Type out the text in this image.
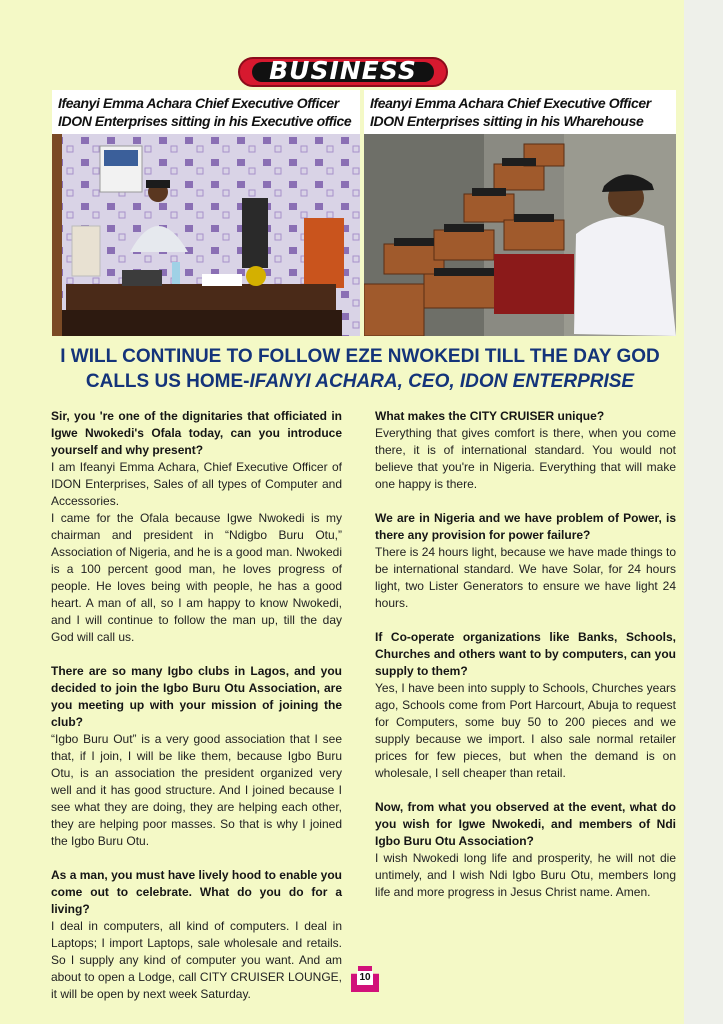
BUSINESS
Ifeanyi Emma Achara Chief Executive Officer
IDON Enterprises sitting in his Executive office
Ifeanyi Emma Achara Chief Executive Officer
IDON Enterprises sitting in his Wharehouse
I WILL CONTINUE TO FOLLOW EZE NWOKEDI TILL THE DAY GOD
CALLS US HOME-IFANYI ACHARA, CEO, IDON ENTERPRISE
Sir, you 're one of the dignitaries that officiated in Igwe Nwokedi's Ofala today, can you introduce yourself and why present?

I am Ifeanyi Emma Achara, Chief Executive Officer of IDON Enterprises, Sales of all types of Computer and Accessories.

I came for the Ofala because Igwe Nwokedi is my chairman and president in “Ndigbo Buru Otu,” Association of Nigeria, and he is a good man. Nwokedi is a 100 percent good man, he loves progress of people. He loves being with people, he has a good heart. A man of all, so I am happy to know Nwokedi, and I will continue to follow the man up, till the day God will call us.

There are so many Igbo clubs in Lagos, and you decided to join the Igbo Buru Otu Association, are you meeting up with your mission of joining the club?

“Igbo Buru Out” is a very good association that I see that, if I join, I will be like them, because Igbo Buru Otu, is an association the president organized very well and it has good structure. And I joined because I see what they are doing, they are helping each other, they are helping poor masses. So that is why I joined the Igbo Buru Otu.

As a man, you must have lively hood to enable you come out to celebrate. What do you do for a living?

I deal in computers, all kind of computers. I deal in Laptops; I import Laptops, sale wholesale and retails. So I supply any kind of computer you want. And am about to open a Lodge, call CITY CRUISER LOUNGE, it will be open by next week Saturday.

What makes the CITY CRUISER unique?

Everything that gives comfort is there, when you come there, it is of international standard. You would not believe that you're in Nigeria. Everything that will make one happy is there.

We are in Nigeria and we have problem of Power, is there any provision for power failure?

There is 24 hours light, because we have made things to be international standard. We have Solar, for 24 hours light, two Lister Generators to ensure we have light 24 hours.

If Co-operate organizations like Banks, Schools, Churches and others want to by computers, can you supply to them?

Yes, I have been into supply to Schools, Churches years ago, Schools come from Port Harcourt, Abuja to request for Computers, some buy 50 to 200 pieces and we supply because we import. I also sale normal retailer prices for few pieces, but when the demand is on wholesale, I sell cheaper than retail.

Now, from what you observed at the event, what do you wish for Igwe Nwokedi, and members of Ndi Igbo Buru Otu Association?

I wish Nwokedi long life and prosperity, he will not die untimely, and I wish Ndi Igbo Buru Otu, members long life and more progress in Jesus Christ name. Amen.

10
